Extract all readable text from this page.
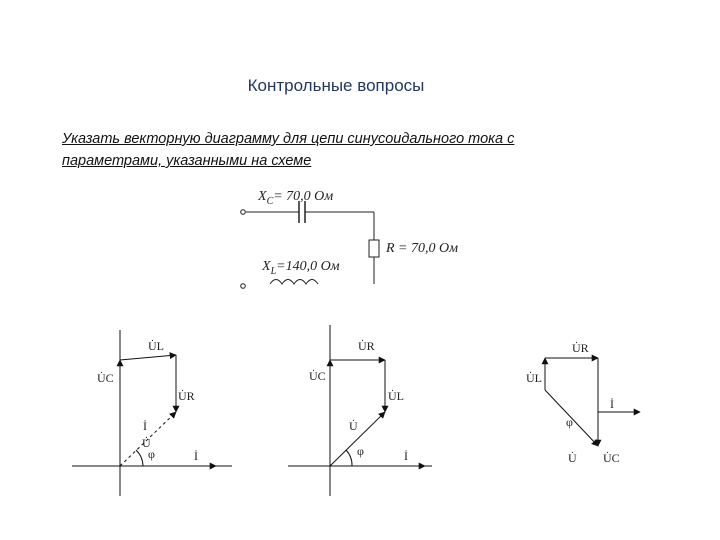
Контрольные вопросы
Указать векторную диаграмму для цепи синусоидального тока с
параметрами, указанными на схеме
$X_C= 70,0$ Ом
R = 70,0 Ом
$X_L=140,0$ Ом
U̇C
U̇L
U̇R
İ
U̇
φ	İ
U̇R
U̇C
U̇L
U̇
φ	İ
U̇R
U̇L
İ
φ
U̇ U̇C
